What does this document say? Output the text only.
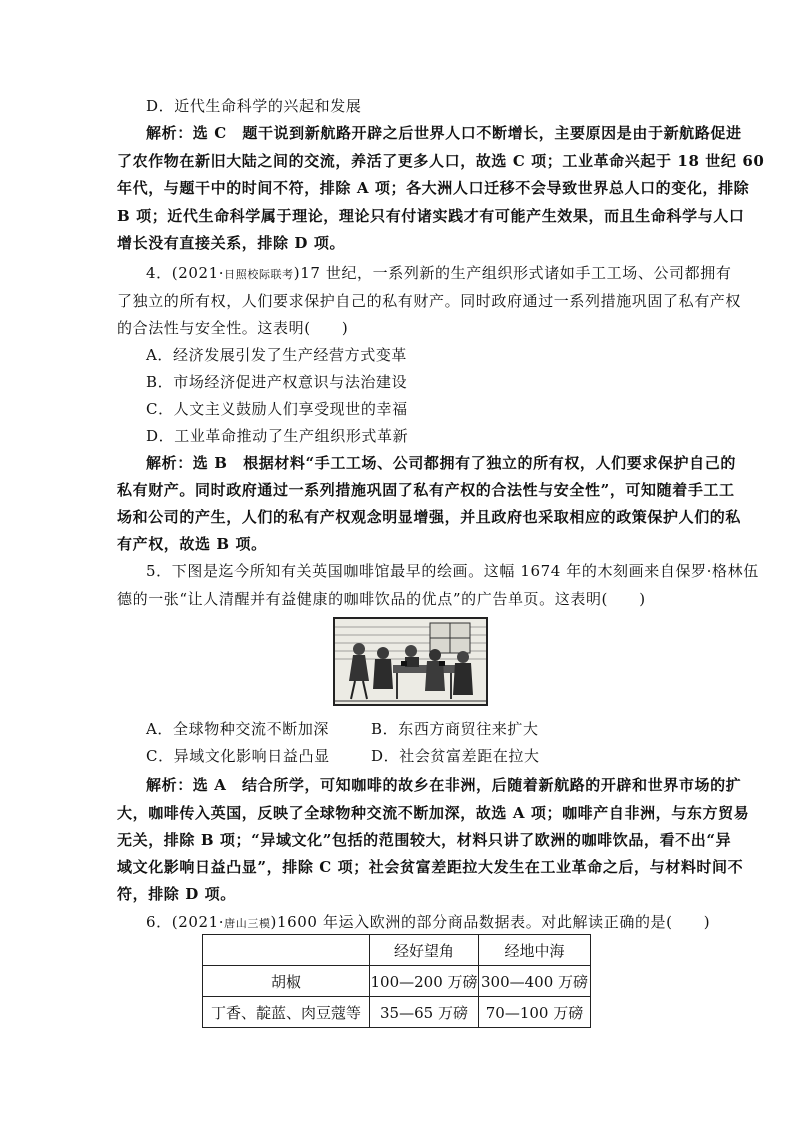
D．近代生命科学的兴起和发展
解析：选 C　题干说到新航路开辟之后世界人口不断增长，主要原因是由于新航路促进
了农作物在新旧大陆之间的交流，养活了更多人口，故选 C 项；工业革命兴起于 18 世纪 60
年代，与题干中的时间不符，排除 A 项；各大洲人口迁移不会导致世界总人口的变化，排除
B 项；近代生命科学属于理论，理论只有付诸实践才有可能产生效果，而且生命科学与人口
增长没有直接关系，排除 D 项。
4．(2021·日照校际联考)17 世纪，一系列新的生产组织形式诸如手工工场、公司都拥有
了独立的所有权，人们要求保护自己的私有财产。同时政府通过一系列措施巩固了私有产权
的合法性与安全性。这表明(　　)
A．经济发展引发了生产经营方式变革
B．市场经济促进产权意识与法治建设
C．人文主义鼓励人们享受现世的幸福
D．工业革命推动了生产组织形式革新
解析：选 B　根据材料“手工工场、公司都拥有了独立的所有权，人们要求保护自己的
私有财产。同时政府通过一系列措施巩固了私有产权的合法性与安全性”，可知随着手工工
场和公司的产生，人们的私有产权观念明显增强，并且政府也采取相应的政策保护人们的私
有产权，故选 B 项。
5．下图是迄今所知有关英国咖啡馆最早的绘画。这幅 1674 年的木刻画来自保罗·格林伍
德的一张“让人清醒并有益健康的咖啡饮品的优点”的广告单页。这表明(　　)
A．全球物种交流不断加深	B．东西方商贸往来扩大
C．异域文化影响日益凸显	D．社会贫富差距在拉大
解析：选 A　结合所学，可知咖啡的故乡在非洲，后随着新航路的开辟和世界市场的扩
大，咖啡传入英国，反映了全球物种交流不断加深，故选 A 项；咖啡产自非洲，与东方贸易
无关，排除 B 项；“异域文化”包括的范围较大，材料只讲了欧洲的咖啡饮品，看不出“异
域文化影响日益凸显”，排除 C 项；社会贫富差距拉大发生在工业革命之后，与材料时间不
符，排除 D 项。
6．(2021·唐山三模)1600 年运入欧洲的部分商品数据表。对此解读正确的是(　　)
	经好望角	经地中海
胡椒	100—200 万磅	300—400 万磅
丁香、靛蓝、肉豆蔻等	35—65 万磅	70—100 万磅
